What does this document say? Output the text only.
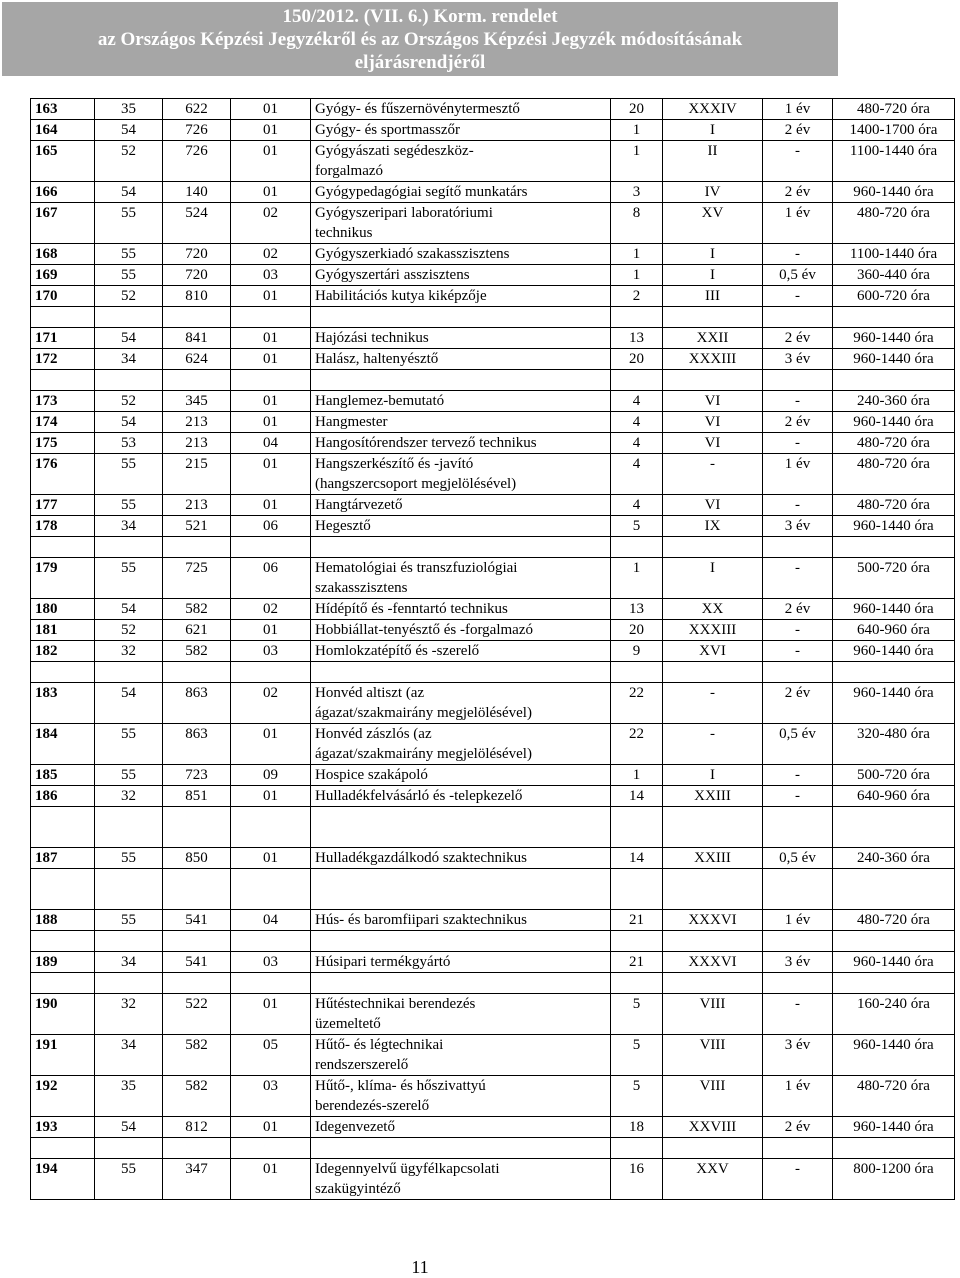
150/2012. (VII. 6.) Korm. rendelet
az Országos Képzési Jegyzékről és az Országos Képzési Jegyzék módosításának
eljárásrendjéről
163	35	622	01	Gyógy- és fűszernövénytermesztő	20	XXXIV	1 év	480-720 óra
164	54	726	01	Gyógy- és sportmasszőr	1	I	2 év	1400-1700 óra
165	52	726	01	Gyógyászati segédeszköz-
forgalmazó	1	II	-	1100-1440 óra
166	54	140	01	Gyógypedagógiai segítő munkatárs	3	IV	2 év	960-1440 óra
167	55	524	02	Gyógyszeripari laboratóriumi
technikus	8	XV	1 év	480-720 óra
168	55	720	02	Gyógyszerkiadó szakasszisztens	1	I	-	1100-1440 óra
169	55	720	03	Gyógyszertári asszisztens	1	I	0,5 év	360-440 óra
170	52	810	01	Habilitációs kutya kiképzője	2	III	-	600-720 óra

171	54	841	01	Hajózási technikus	13	XXII	2 év	960-1440 óra
172	34	624	01	Halász, haltenyésztő	20	XXXIII	3 év	960-1440 óra

173	52	345	01	Hanglemez-bemutató	4	VI	-	240-360 óra
174	54	213	01	Hangmester	4	VI	2 év	960-1440 óra
175	53	213	04	Hangosítórendszer tervező technikus	4	VI	-	480-720 óra
176	55	215	01	Hangszerkészítő és -javító
(hangszercsoport megjelölésével)	4	-	1 év	480-720 óra
177	55	213	01	Hangtárvezető	4	VI	-	480-720 óra
178	34	521	06	Hegesztő	5	IX	3 év	960-1440 óra

179	55	725	06	Hematológiai és transzfuziológiai
szakasszisztens	1	I	-	500-720 óra
180	54	582	02	Hídépítő és -fenntartó technikus	13	XX	2 év	960-1440 óra
181	52	621	01	Hobbiállat-tenyésztő és -forgalmazó	20	XXXIII	-	640-960 óra
182	32	582	03	Homlokzatépítő és -szerelő	9	XVI	-	960-1440 óra

183	54	863	02	Honvéd altiszt (az
ágazat/szakmairány megjelölésével)	22	-	2 év	960-1440 óra
184	55	863	01	Honvéd zászlós (az
ágazat/szakmairány megjelölésével)	22	-	0,5 év	320-480 óra
185	55	723	09	Hospice szakápoló	1	I	-	500-720 óra
186	32	851	01	Hulladékfelvásárló és -telepkezelő	14	XXIII	-	640-960 óra

187	55	850	01	Hulladékgazdálkodó szaktechnikus	14	XXIII	0,5 év	240-360 óra

188	55	541	04	Hús- és baromfiipari szaktechnikus	21	XXXVI	1 év	480-720 óra

189	34	541	03	Húsipari termékgyártó	21	XXXVI	3 év	960-1440 óra

190	32	522	01	Hűtéstechnikai berendezés
üzemeltető	5	VIII	-	160-240 óra
191	34	582	05	Hűtő- és légtechnikai
rendszerszerelő	5	VIII	3 év	960-1440 óra
192	35	582	03	Hűtő-, klíma- és hőszivattyú
berendezés-szerelő	5	VIII	1 év	480-720 óra
193	54	812	01	Idegenvezető	18	XXVIII	2 év	960-1440 óra

194	55	347	01	Idegennyelvű ügyfélkapcsolati
szakügyintéző	16	XXV	-	800-1200 óra
11
